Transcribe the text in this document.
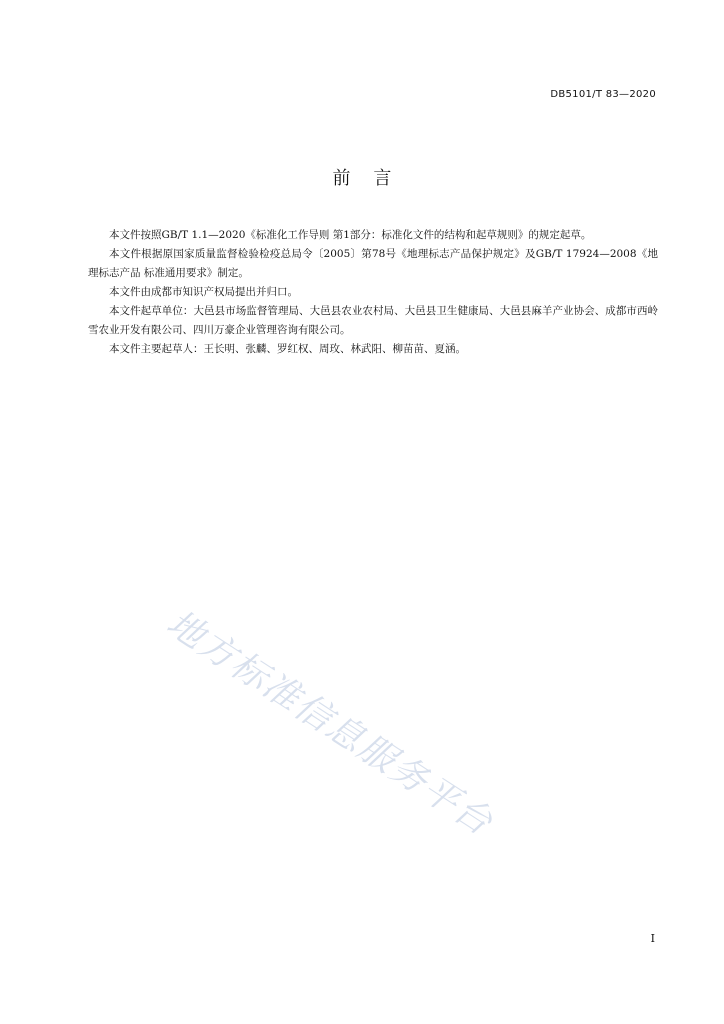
DB5101/T 83—2020
前    言

本文件按照GB/T 1.1—2020《标准化工作导则 第1部分：标准化文件的结构和起草规则》的规定起草。

本文件根据原国家质量监督检验检疫总局令〔2005〕第78号《地理标志产品保护规定》及GB/T 17924—2008《地理标志产品 标准通用要求》制定。

本文件由成都市知识产权局提出并归口。

本文件起草单位：大邑县市场监督管理局、大邑县农业农村局、大邑县卫生健康局、大邑县麻羊产业协会、成都市西岭雪农业开发有限公司、四川万豪企业管理咨询有限公司。

本文件主要起草人：王长明、张麟、罗红权、周玫、林武阳、柳苗苗、夏涵。

地方标准信息服务平台
I
